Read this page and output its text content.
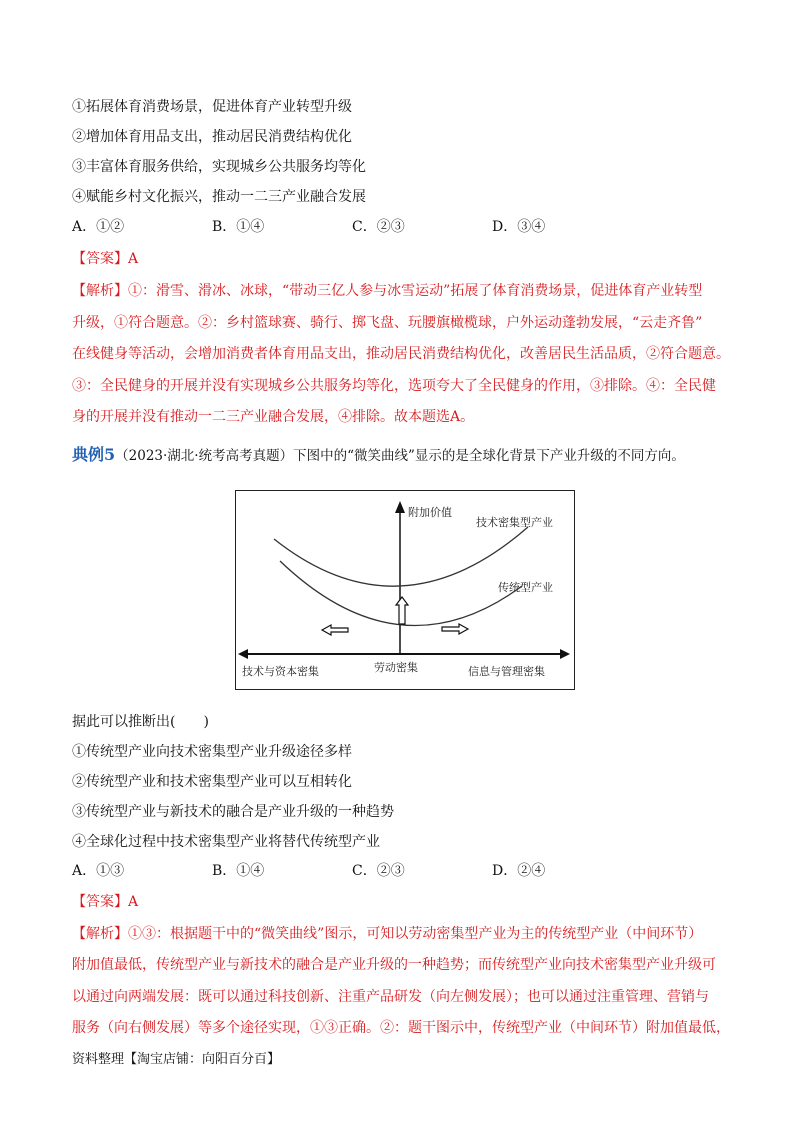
①拓展体育消费场景，促进体育产业转型升级
②增加体育用品支出，推动居民消费结构优化
③丰富体育服务供给，实现城乡公共服务均等化
④赋能乡村文化振兴，推动一二三产业融合发展
A．①②	B．①④	C．②③	D．③④
【答案】A
【解析】①：滑雪、滑冰、冰球，“带动三亿人参与冰雪运动”拓展了体育消费场景，促进体育产业转型
升级，①符合题意。②：乡村篮球赛、骑行、掷飞盘、玩腰旗橄榄球，户外运动蓬勃发展，“云走齐鲁”
在线健身等活动，会增加消费者体育用品支出，推动居民消费结构优化，改善居民生活品质，②符合题意。
③：全民健身的开展并没有实现城乡公共服务均等化，选项夸大了全民健身的作用，③排除。④：全民健
身的开展并没有推动一二三产业融合发展，④排除。故本题选A。
典例5（2023·湖北·统考高考真题）下图中的“微笑曲线”显示的是全球化背景下产业升级的不同方向。
附加价值
技术密集型产业
传统型产业
技术与资本密集	劳动密集	信息与管理密集
据此可以推断出(　　)
①传统型产业向技术密集型产业升级途径多样
②传统型产业和技术密集型产业可以互相转化
③传统型产业与新技术的融合是产业升级的一种趋势
④全球化过程中技术密集型产业将替代传统型产业
A．①③	B．①④	C．②③	D．②④
【答案】A
【解析】①③：根据题干中的“微笑曲线”图示，可知以劳动密集型产业为主的传统型产业（中间环节）
附加值最低，传统型产业与新技术的融合是产业升级的一种趋势；而传统型产业向技术密集型产业升级可
以通过向两端发展：既可以通过科技创新、注重产品研发（向左侧发展）；也可以通过注重管理、营销与
服务（向右侧发展）等多个途径实现，①③正确。②：题干图示中，传统型产业（中间环节）附加值最低，
资料整理【淘宝店铺：向阳百分百】
